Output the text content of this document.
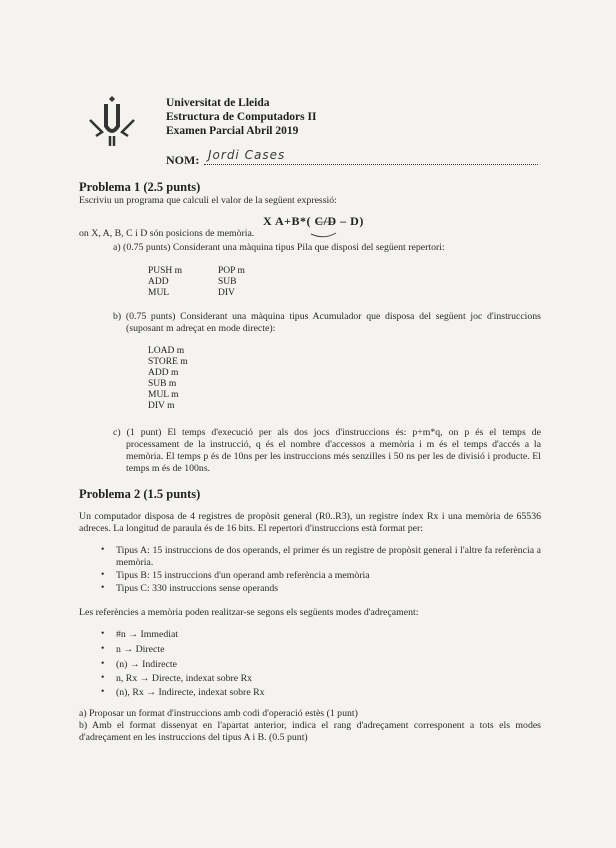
Universitat de Lleida
Estructura de Computadors II
Examen Parcial Abril 2019
NOM: Jordi Cases
Problema 1 (2.5 punts)
Escriviu un programa que calculi el valor de la següent expressió:
X A+B*( C/D – D)
on X, A, B, C i D són posicions de memòria.
a) (0.75 punts) Considerant una màquina tipus Pila que disposi del següent repertori:
PUSH m
ADD
MUL
POP m
SUB
DIV
b) (0.75 punts) Considerant una màquina tipus Acumulador que disposa del següent joc d'instruccions
(suposant m adreçat en mode directe):
LOAD m
STORE m
ADD m
SUB m
MUL m
DIV m
c) (1 punt) El temps d'execució per als dos jocs d'instruccions és: p+m*q, on p és el temps de
processament de la instrucció, q és el nombre d'accessos a memòria i m és el temps d'accés a la
memòria. El temps p és de 10ns per les instruccions més senzilles i 50 ns per les de divisió i producte. El
temps m és de 100ns.
Problema 2 (1.5 punts)
Un computador disposa de 4 registres de propòsit general (R0..R3), un registre índex Rx i una memòria de 65536
adreces. La longitud de paraula és de 16 bits. El repertori d'instruccions està format per:
• Tipus A: 15 instruccions de dos operands, el primer és un registre de propòsit general i l'altre fa referència a
memòria.
• Tipus B: 15 instruccions d'un operand amb referència a memòria
• Tipus C: 330 instruccions sense operands
Les referències a memòria poden realitzar-se segons els següents modes d'adreçament:
• #n → Immediat
• n → Directe
• (n) → Indirecte
• n, Rx → Directe, indexat sobre Rx
• (n), Rx → Indirecte, indexat sobre Rx
a) Proposar un format d'instruccions amb codi d'operació estès (1 punt)
b) Amb el format dissenyat en l'apartat anterior, indica el rang d'adreçament corresponent a tots els modes
d'adreçament en les instruccions del tipus A i B. (0.5 punt)
